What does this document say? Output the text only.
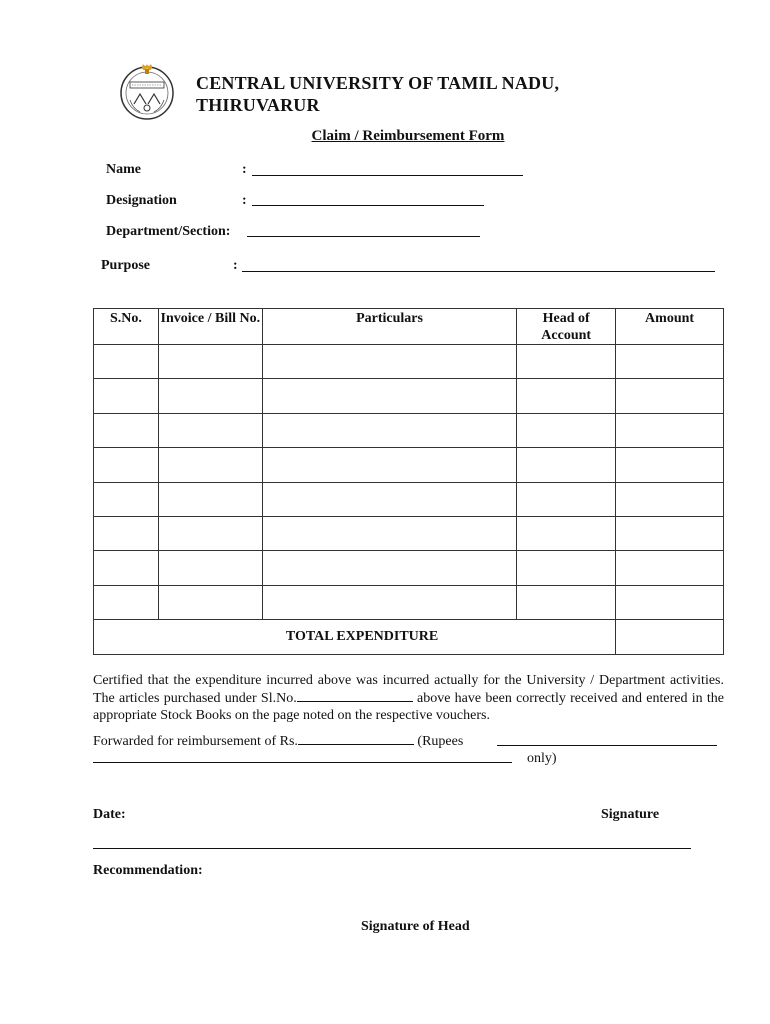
CENTRAL UNIVERSITY OF TAMIL NADU,
THIRUVARUR
Claim / Reimbursement Form
Name	:
Designation	:
Department/Section:
Purpose	:
S.No.	Invoice / Bill No.	Particulars	Head of Account	Amount

TOTAL EXPENDITURE				
Certified that the expenditure incurred above was incurred actually for the University / Department activities. The articles purchased under Sl.No.	above have been correctly received and entered in the appropriate Stock Books on the page noted on the respective vouchers.
Forwarded for reimbursement of Rs.	(Rupees
only)
Date:	Signature
Recommendation:
Signature of Head
